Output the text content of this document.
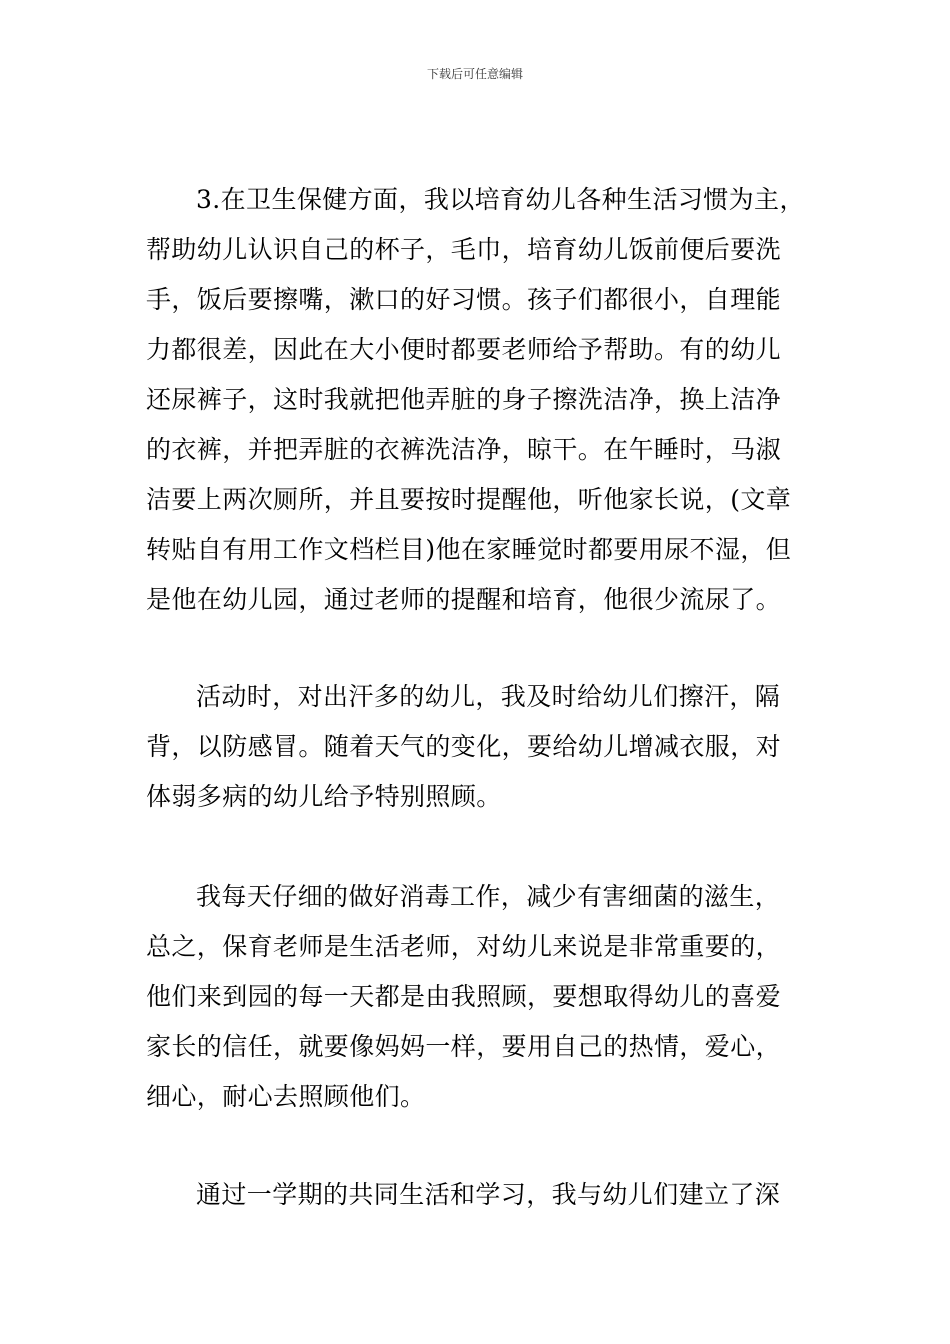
下载后可任意编辑
3.在卫生保健方面，我以培育幼儿各种生活习惯为主，
帮助幼儿认识自己的杯子，毛巾，培育幼儿饭前便后要洗
手，饭后要擦嘴，漱口的好习惯。孩子们都很小，自理能
力都很差，因此在大小便时都要老师给予帮助。有的幼儿
还尿裤子，这时我就把他弄脏的身子擦洗洁净，换上洁净
的衣裤，并把弄脏的衣裤洗洁净，晾干。在午睡时，马淑
洁要上两次厕所，并且要按时提醒他，听他家长说，(文章
转贴自有用工作文档栏目)他在家睡觉时都要用尿不湿，但
是他在幼儿园，通过老师的提醒和培育，他很少流尿了。
活动时，对出汗多的幼儿，我及时给幼儿们擦汗，隔
背，以防感冒。随着天气的变化，要给幼儿增减衣服，对
体弱多病的幼儿给予特别照顾。
我每天仔细的做好消毒工作，减少有害细菌的滋生，
总之，保育老师是生活老师，对幼儿来说是非常重要的，
他们来到园的每一天都是由我照顾，要想取得幼儿的喜爱
家长的信任，就要像妈妈一样，要用自己的热情，爱心，
细心，耐心去照顾他们。
通过一学期的共同生活和学习，我与幼儿们建立了深
